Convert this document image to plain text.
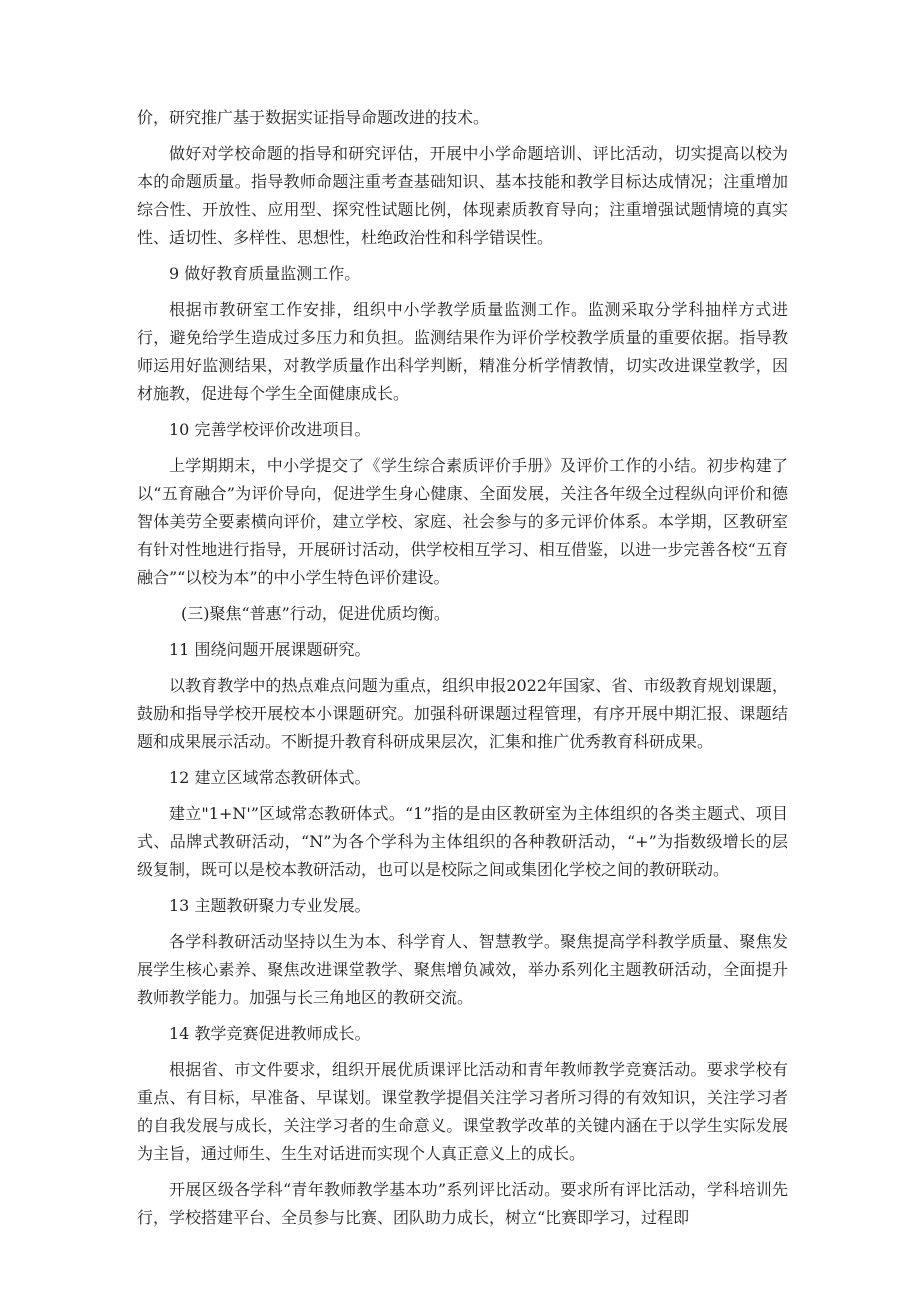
价，研究推广基于数据实证指导命题改进的技术。

做好对学校命题的指导和研究评估，开展中小学命题培训、评比活动，切实提高以校为本的命题质量。指导教师命题注重考查基础知识、基本技能和教学目标达成情况；注重增加综合性、开放性、应用型、探究性试题比例，体现素质教育导向；注重增强试题情境的真实性、适切性、多样性、思想性，杜绝政治性和科学错误性。

9 做好教育质量监测工作。

根据市教研室工作安排，组织中小学教学质量监测工作。监测采取分学科抽样方式进行，避免给学生造成过多压力和负担。监测结果作为评价学校教学质量的重要依据。指导教师运用好监测结果，对教学质量作出科学判断，精准分析学情教情，切实改进课堂教学，因材施教，促进每个学生全面健康成长。

10 完善学校评价改进项目。

上学期期末，中小学提交了《学生综合素质评价手册》及评价工作的小结。初步构建了以“五育融合”为评价导向，促进学生身心健康、全面发展，关注各年级全过程纵向评价和德智体美劳全要素横向评价，建立学校、家庭、社会参与的多元评价体系。本学期，区教研室有针对性地进行指导，开展研讨活动，供学校相互学习、相互借鉴，以进一步完善各校“五育融合”“以校为本”的中小学生特色评价建设。

(三)聚焦“普惠”行动，促进优质均衡。

11 围绕问题开展课题研究。

以教育教学中的热点难点问题为重点，组织申报2022年国家、省、市级教育规划课题，鼓励和指导学校开展校本小课题研究。加强科研课题过程管理，有序开展中期汇报、课题结题和成果展示活动。不断提升教育科研成果层次，汇集和推广优秀教育科研成果。

12 建立区域常态教研体式。

建立"1+N'”区域常态教研体式。“1”指的是由区教研室为主体组织的各类主题式、项目式、品牌式教研活动，“N”为各个学科为主体组织的各种教研活动，“+”为指数级增长的层级复制，既可以是校本教研活动，也可以是校际之间或集团化学校之间的教研联动。

13 主题教研聚力专业发展。

各学科教研活动坚持以生为本、科学育人、智慧教学。聚焦提高学科教学质量、聚焦发展学生核心素养、聚焦改进课堂教学、聚焦增负减效，举办系列化主题教研活动，全面提升教师教学能力。加强与长三角地区的教研交流。

14 教学竞赛促进教师成长。

根据省、市文件要求，组织开展优质课评比活动和青年教师教学竞赛活动。要求学校有重点、有目标，早准备、早谋划。课堂教学提倡关注学习者所习得的有效知识，关注学习者的自我发展与成长，关注学习者的生命意义。课堂教学改革的关键内涵在于以学生实际发展为主旨，通过师生、生生对话进而实现个人真正意义上的成长。

开展区级各学科“青年教师教学基本功”系列评比活动。要求所有评比活动，学科培训先行，学校搭建平台、全员参与比赛、团队助力成长，树立“比赛即学习，过程即
